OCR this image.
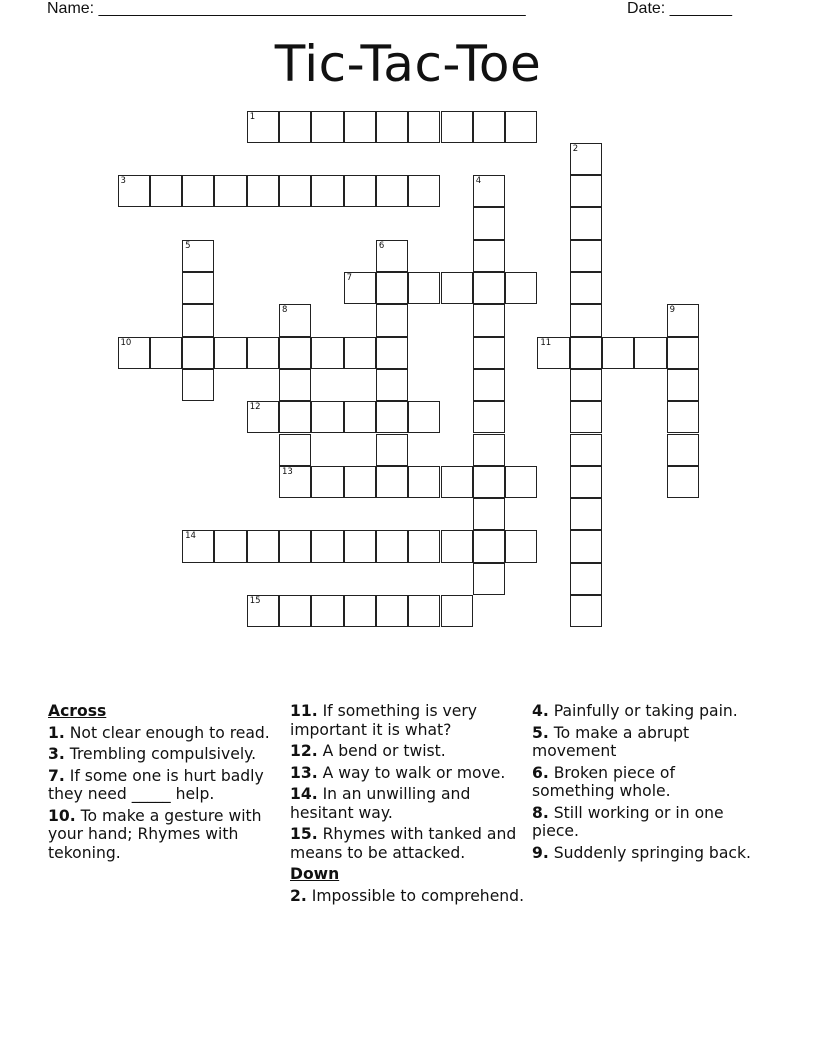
Name: ________________________________________________	Date: _______
Tic-Tac-Toe
1
2
3	4
5	6
7
8
13
9
10	11
12
14
15
Across
1. Not clear enough to read.
3. Trembling compulsively.
7. If some one is hurt badly they need _____ help.
10. To make a gesture with your hand; Rhymes with tekoning.
11. If something is very important it is what?
12. A bend or twist.
13. A way to walk or move.
14. In an unwilling and hesitant way.
15. Rhymes with tanked and means to be attacked.
Down
2. Impossible to comprehend.
4. Painfully or taking pain.
5. To make a abrupt movement
6. Broken piece of something whole.
8. Still working or in one piece.
9. Suddenly springing back.
